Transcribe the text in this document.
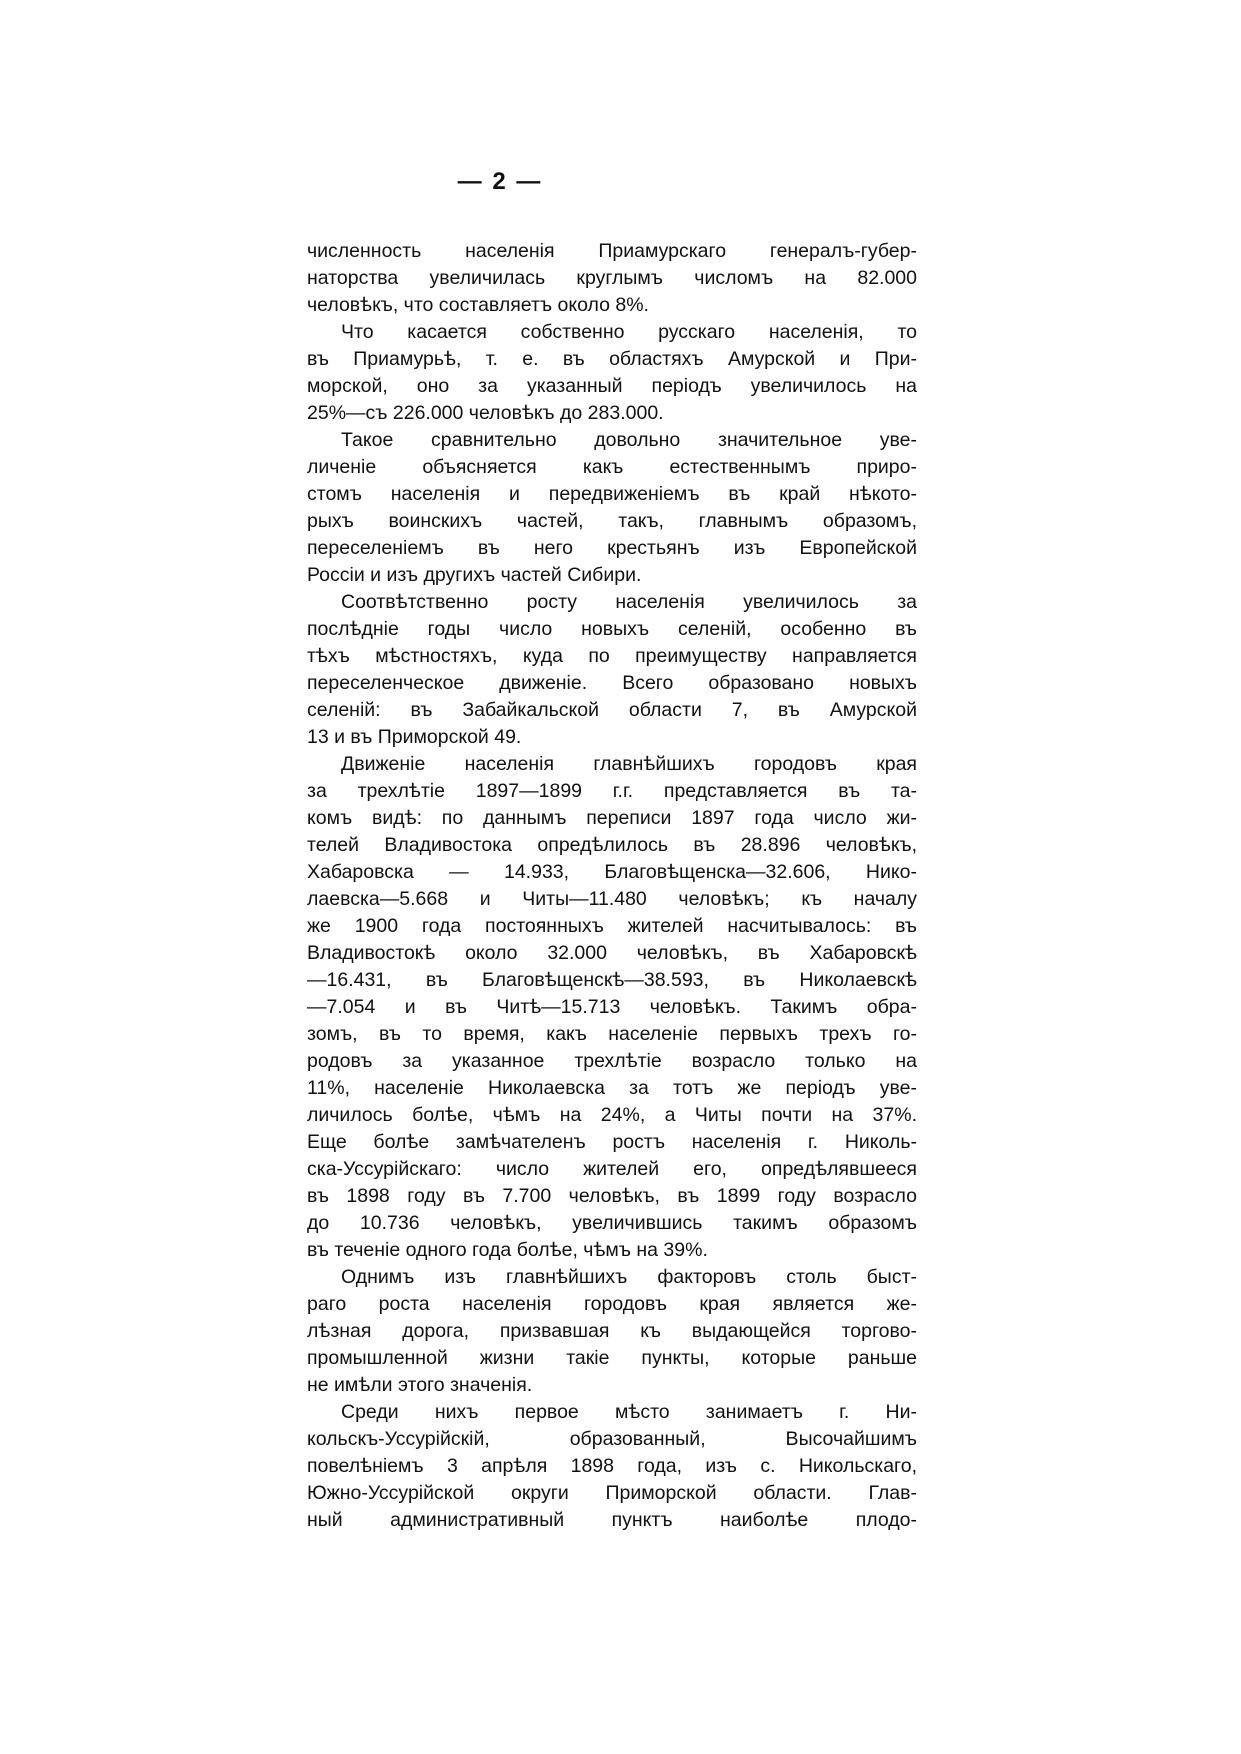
— 2 —
численность населенія Приамурскаго генералъ-губер-
наторства увеличилась круглымъ числомъ на 82.000
человѣкъ, что составляетъ около 8%.
Что касается собственно русскаго населенія, то
въ Приамурьѣ, т. е. въ областяхъ Амурской и При-
морской, оно за указанный періодъ увеличилось на
25%—съ 226.000 человѣкъ до 283.000.
Такое сравнительно довольно значительное уве-
личеніе объясняется какъ естественнымъ приро-
стомъ населенія и передвиженіемъ въ край нѣкото-
рыхъ воинскихъ частей, такъ, главнымъ образомъ,
переселеніемъ въ него крестьянъ изъ Европейской
Россіи и изъ другихъ частей Сибири.
Соотвѣтственно росту населенія увеличилось за
послѣдніе годы число новыхъ селеній, особенно въ
тѣхъ мѣстностяхъ, куда по преимуществу направляется
переселенческое движеніе. Всего образовано новыхъ
селеній: въ Забайкальской области 7, въ Амурской
13 и въ Приморской 49.
Движеніе населенія главнѣйшихъ городовъ края
за трехлѣтіе 1897—1899 г.г. представляется въ та-
комъ видѣ: по даннымъ переписи 1897 года число жи-
телей Владивостока опредѣлилось въ 28.896 человѣкъ,
Хабаровска — 14.933, Благовѣщенска—32.606, Нико-
лаевска—5.668 и Читы—11.480 человѣкъ; къ началу
же 1900 года постоянныхъ жителей насчитывалось: въ
Владивостокѣ около 32.000 человѣкъ, въ Хабаровскѣ
—16.431, въ Благовѣщенскѣ—38.593, въ Николаевскѣ
—7.054 и въ Читѣ—15.713 человѣкъ. Такимъ обра-
зомъ, въ то время, какъ населеніе первыхъ трехъ го-
родовъ за указанное трехлѣтіе возрасло только на
11%, населеніе Николаевска за тотъ же періодъ уве-
личилось болѣе, чѣмъ на 24%, а Читы почти на 37%.
Еще болѣе замѣчателенъ ростъ населенія г. Николь-
ска-Уссурійскаго: число жителей его, опредѣлявшееся
въ 1898 году въ 7.700 человѣкъ, въ 1899 году возрасло
до 10.736 человѣкъ, увеличившись такимъ образомъ
въ теченіе одного года болѣе, чѣмъ на 39%.
Однимъ изъ главнѣйшихъ факторовъ столь быст-
раго роста населенія городовъ края является же-
лѣзная дорога, призвавшая къ выдающейся торгово-
промышленной жизни такіе пункты, которые раньше
не имѣли этого значенія.
Среди нихъ первое мѣсто занимаетъ г. Ни-
кольскъ-Уссурійскій, образованный, Высочайшимъ
повелѣніемъ 3 апрѣля 1898 года, изъ с. Никольскаго,
Южно-Уссурійской округи Приморской области. Глав-
ный административный пунктъ наиболѣе плодо-
